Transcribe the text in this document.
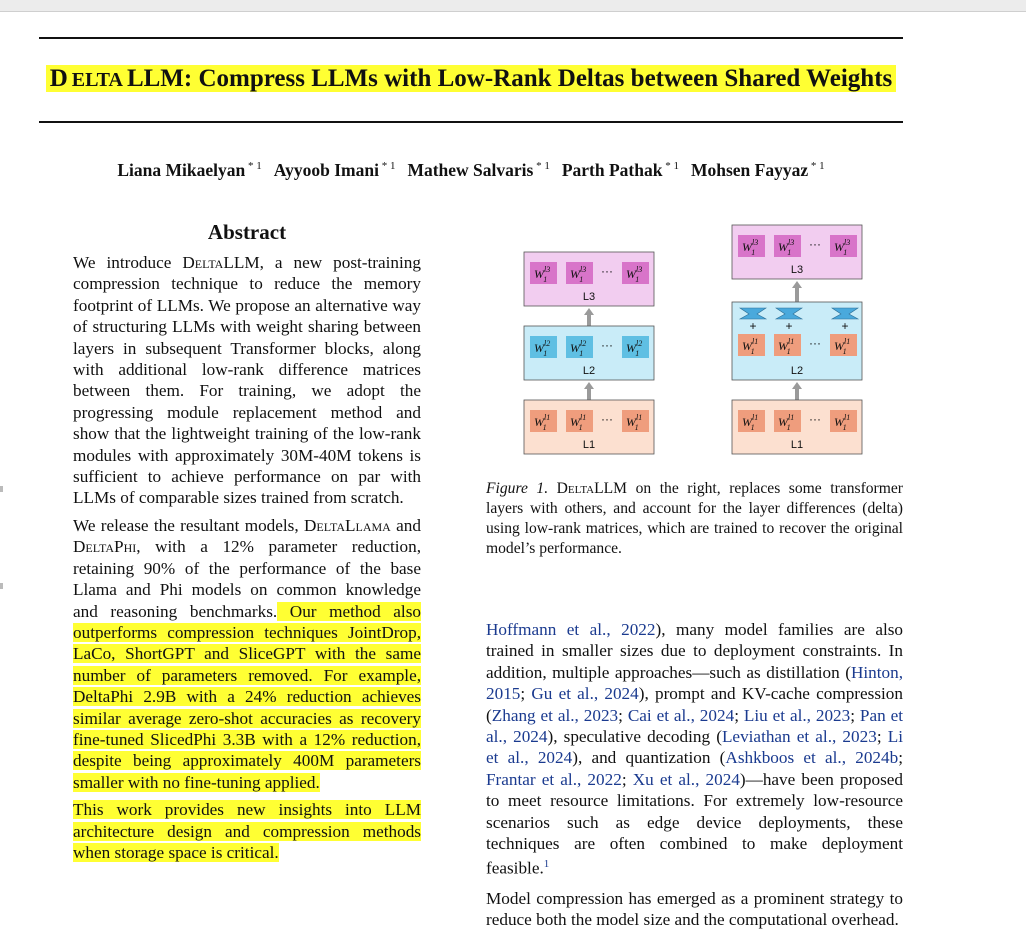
D ELTA LLM: Compress LLMs with Low-Rank Deltas between Shared Weights
Liana Mikaelyan $^{* 1}$ Ayyoob Imani $^{* 1}$ Mathew Salvaris $^{* 1}$ Parth Pathak $^{* 1}$ Mohsen Fayyaz $^{* 1}$
Abstract

We introduce DeltaLLM, a new post-training compression technique to reduce the memory footprint of LLMs. We propose an alternative way of structuring LLMs with weight sharing between layers in subsequent Transformer blocks, along with additional low-rank difference matrices between them. For training, we adopt the progressing module replacement method and show that the lightweight training of the low-rank modules with approximately 30M-40M tokens is sufficient to achieve performance on par with LLMs of comparable sizes trained from scratch.

We release the resultant models, DeltaLlama and DeltaPhi, with a 12% parameter reduction, retaining 90% of the performance of the base Llama and Phi models on common knowledge and reasoning benchmarks. Our method also outperforms compression techniques JointDrop, LaCo, ShortGPT and SliceGPT with the same number of parameters removed. For example, DeltaPhi 2.9B with a 24% reduction achieves similar average zero-shot accuracies as recovery fine-tuned SlicedPhi 3.3B with a 12% reduction, despite being approximately 400M parameters smaller with no fine-tuning applied.

This work provides new insights into LLM architecture design and compression methods when storage space is critical.

$W^{l3}$ 1 $W^{l3}$ 1
··· $W^{l3}$ 1
L3
$W^{l2}$ 1 $W^{l2}$ 1
··· $W^{l2}$ 1
L2
$W^{l1}$ 1 $W^{l1}$ 1
··· $W^{l1}$ 1
L1
$W^{l3}$ 1 $W^{l3}$ 1
··· $W^{l3}$ 1
L3
+ +	+
$W^{l1}$ 1 $W^{l1}$ 1
··· $W^{l1}$ 1
L2
$W^{l1}$ 1 $W^{l1}$ 1
··· $W^{l1}$ 1
L1
Figure 1. DeltaLLM on the right, replaces some transformer layers with others, and account for the layer differences (delta) using low-rank matrices, which are trained to recover the original model’s performance.

Hoffmann et al., 2022), many model families are also trained in smaller sizes due to deployment constraints. In addition, multiple approaches—such as distillation (Hinton, 2015; Gu et al., 2024), prompt and KV-cache compression (Zhang et al., 2023; Cai et al., 2024; Liu et al., 2023; Pan et al., 2024), speculative decoding (Leviathan et al., 2023; Li et al., 2024), and quantization (Ashkboos et al., 2024b; Frantar et al., 2022; Xu et al., 2024)—have been proposed to meet resource limitations. For extremely low-resource scenarios such as edge device deployments, these techniques are often combined to make deployment feasible.$^1$

Model compression has emerged as a prominent strategy to reduce both the model size and the computational overhead.
